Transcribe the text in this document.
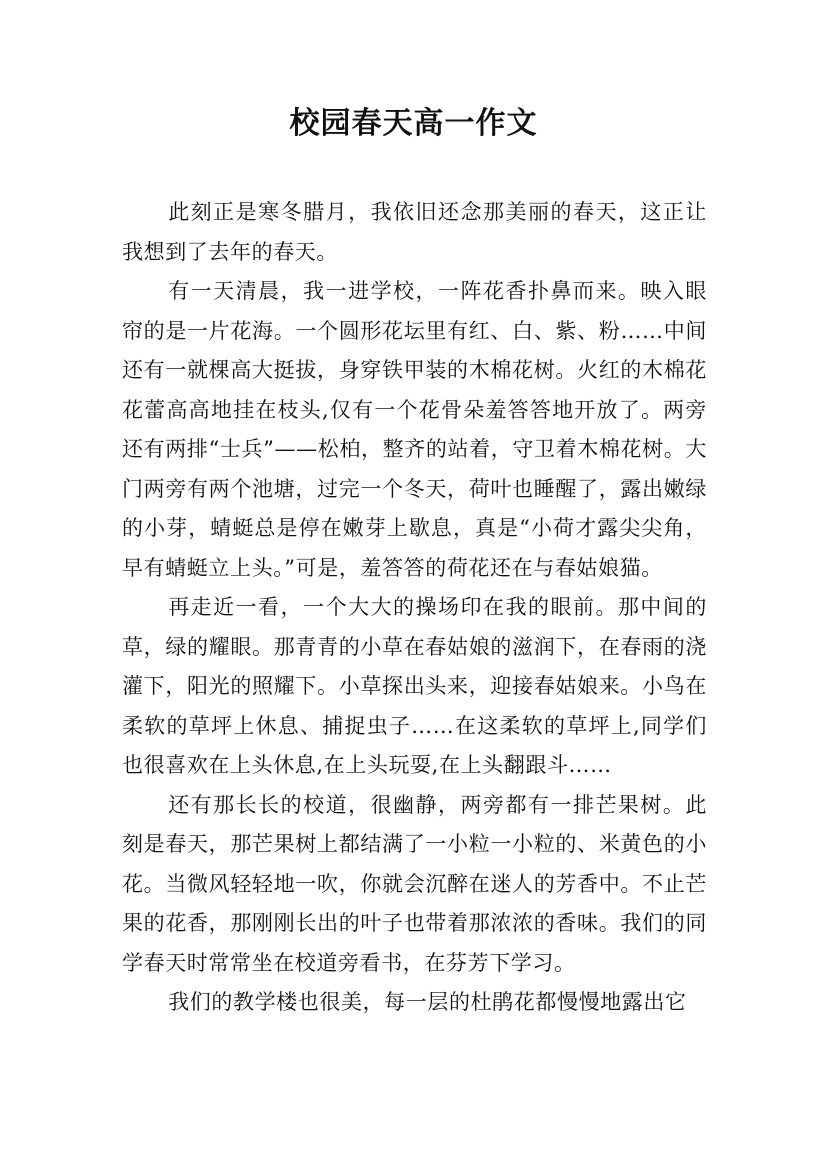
校园春天高一作文

此刻正是寒冬腊月，我依旧还念那美丽的春天，这正让我想到了去年的春天。

有一天清晨，我一进学校，一阵花香扑鼻而来。映入眼帘的是一片花海。一个圆形花坛里有红、白、紫、粉……中间还有一就棵高大挺拔，身穿铁甲装的木棉花树。火红的木棉花花蕾高高地挂在枝头,仅有一个花骨朵羞答答地开放了。两旁还有两排“士兵”——松柏，整齐的站着，守卫着木棉花树。大门两旁有两个池塘，过完一个冬天，荷叶也睡醒了，露出嫩绿的小芽，蜻蜓总是停在嫩芽上歇息，真是“小荷才露尖尖角，早有蜻蜓立上头。”可是，羞答答的荷花还在与春姑娘猫。

再走近一看，一个大大的操场印在我的眼前。那中间的草，绿的耀眼。那青青的小草在春姑娘的滋润下，在春雨的浇灌下，阳光的照耀下。小草探出头来，迎接春姑娘来。小鸟在柔软的草坪上休息、捕捉虫子……在这柔软的草坪上,同学们也很喜欢在上头休息,在上头玩耍,在上头翻跟斗……

还有那长长的校道，很幽静，两旁都有一排芒果树。此刻是春天，那芒果树上都结满了一小粒一小粒的、米黄色的小花。当微风轻轻地一吹，你就会沉醉在迷人的芳香中。不止芒果的花香，那刚刚长出的叶子也带着那浓浓的香味。我们的同学春天时常常坐在校道旁看书，在芬芳下学习。

我们的教学楼也很美，每一层的杜鹃花都慢慢地露出它
